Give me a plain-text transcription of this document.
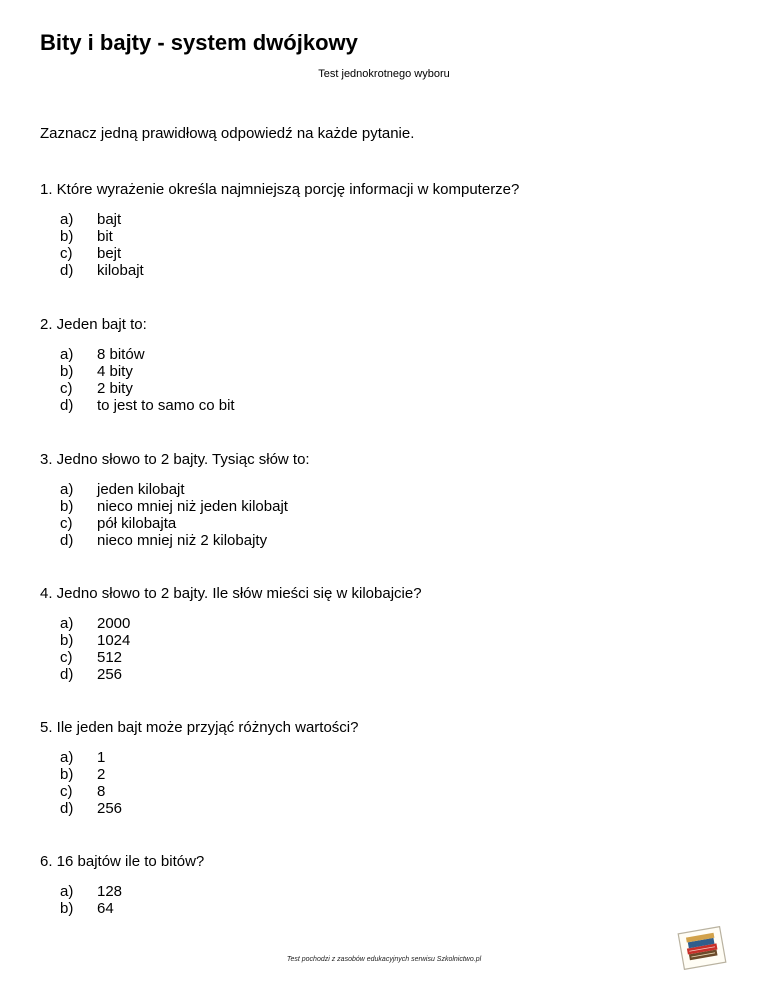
Bity i bajty - system dwójkowy
Test jednokrotnego wyboru
Zaznacz jedną prawidłową odpowiedź na każde pytanie.
1. Które wyrażenie określa najmniejszą porcję informacji w komputerze?
a)	bajt
b)	bit
c)	bejt
d)	kilobajt
2. Jeden bajt to:
a)	8 bitów
b)	4 bity
c)	2 bity
d)	to jest to samo co bit
3. Jedno słowo to 2 bajty. Tysiąc słów to:
a)	jeden kilobajt
b)	nieco mniej niż jeden kilobajt
c)	pół kilobajta
d)	nieco mniej niż 2 kilobajty
4. Jedno słowo to 2 bajty. Ile słów mieści się w kilobajcie?
a)	2000
b)	1024
c)	512
d)	256
5. Ile jeden bajt może przyjąć różnych wartości?
a)	1
b)	2
c)	8
d)	256
6. 16 bajtów ile to bitów?
a)	128
b)	64
Test pochodzi z zasobów edukacyjnych serwisu Szkolnictwo.pl
